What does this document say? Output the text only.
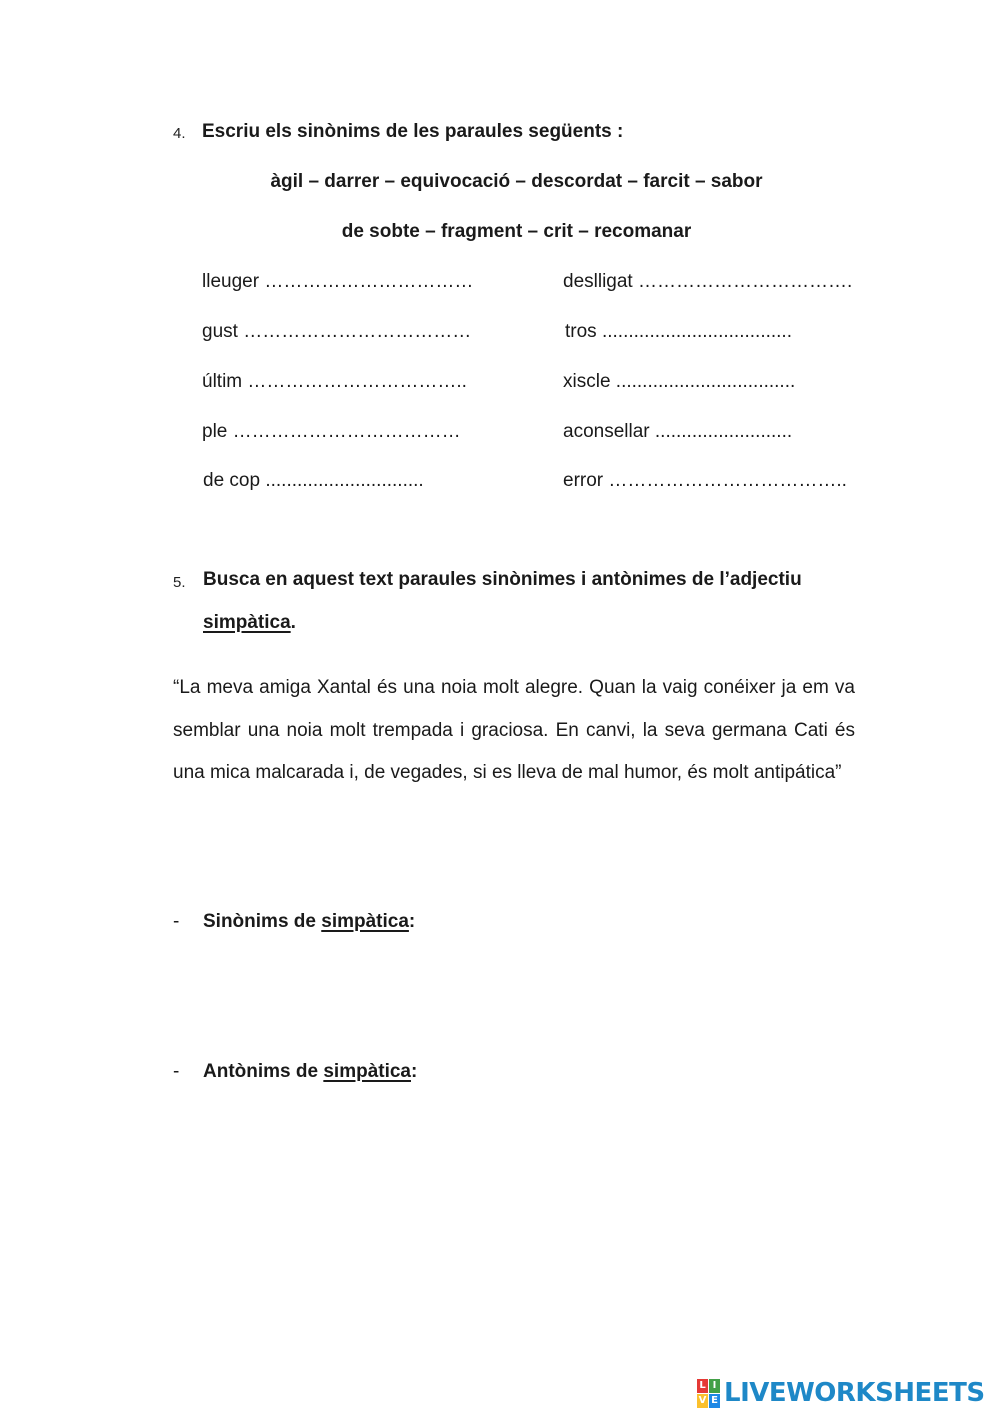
4. Escriu els sinònims de les paraules següents :
àgil – darrer – equivocació – descordat – farcit – sabor
de sobte – fragment – crit – recomanar
lleuger ……………………………
gust ………………………………
últim ……………………………..
ple ………………………………
de cop ..............................
deslligat …………………………….
tros ....................................
xiscle ..................................
aconsellar ..........................
error ………………………………..
5. Busca en aquest text paraules sinònimes i antònimes de l’adjectiu
simpàtica.
“La meva amiga Xantal és una noia molt alegre. Quan la vaig conéixer ja em va semblar una noia molt trempada i graciosa. En canvi, la seva germana Cati és una mica malcarada i, de vegades, si es lleva de mal humor, és molt antipática”
- Sinònims de simpàtica:
- Antònims de simpàtica:
L I
V E LIVEWORKSHEETS
